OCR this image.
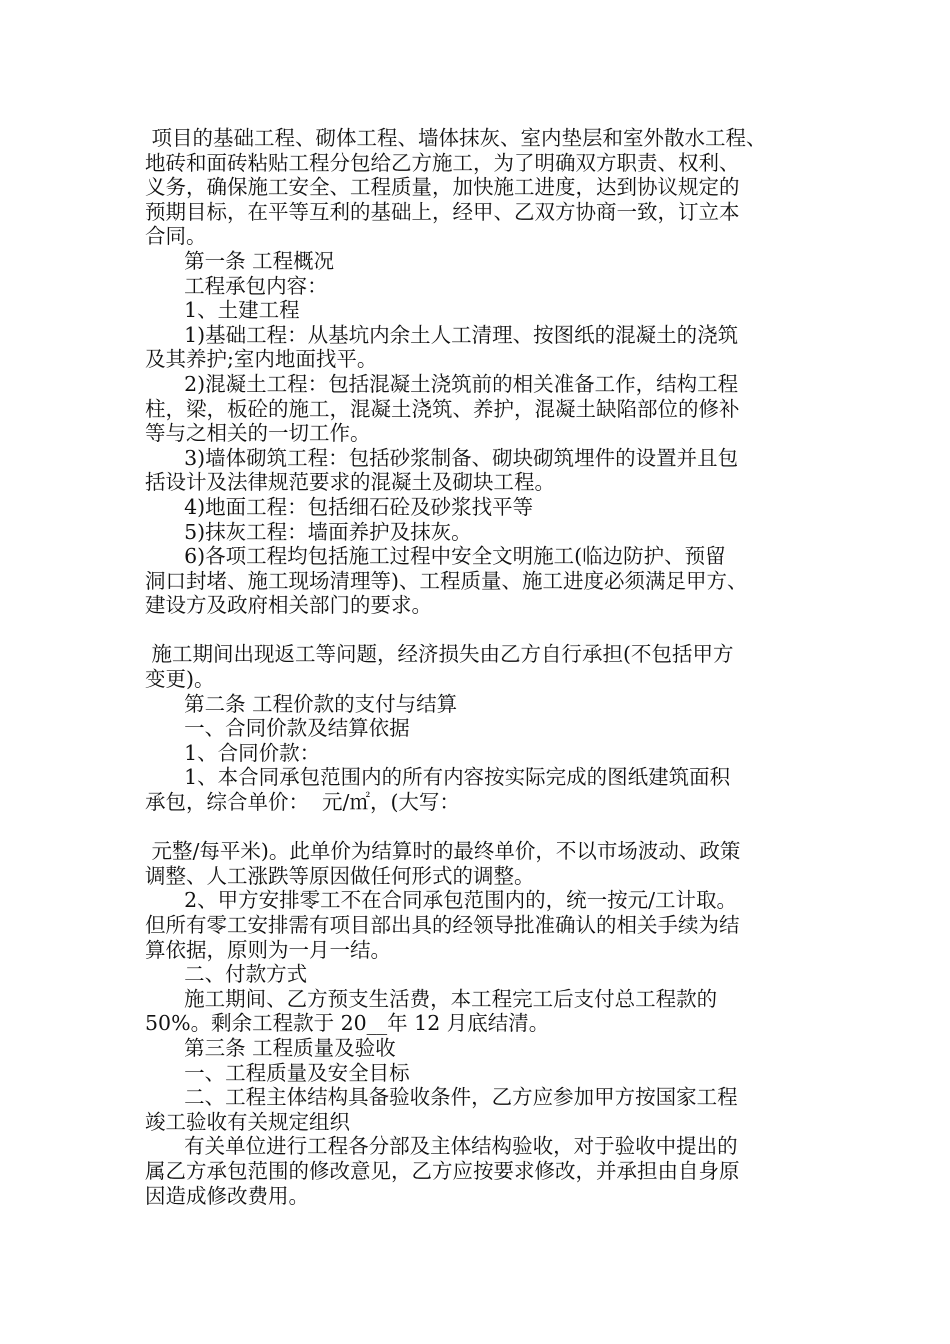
项目的基础工程、砌体工程、墙体抹灰、室内垫层和室外散水工程、
地砖和面砖粘贴工程分包给乙方施工，为了明确双方职责、权利、
义务，确保施工安全、工程质量，加快施工进度，达到协议规定的
预期目标，在平等互利的基础上，经甲、乙双方协商一致，订立本
合同。
第一条 工程概况
工程承包内容：
1、土建工程
1)基础工程：从基坑内余土人工清理、按图纸的混凝土的浇筑
及其养护;室内地面找平。
2)混凝土工程：包括混凝土浇筑前的相关准备工作，结构工程
柱，梁，板砼的施工，混凝土浇筑、养护，混凝土缺陷部位的修补
等与之相关的一切工作。
3)墙体砌筑工程：包括砂浆制备、砌块砌筑埋件的设置并且包
括设计及法律规范要求的混凝土及砌块工程。
4)地面工程：包括细石砼及砂浆找平等
5)抹灰工程：墙面养护及抹灰。
6)各项工程均包括施工过程中安全文明施工(临边防护、预留
洞口封堵、施工现场清理等)、工程质量、施工进度必须满足甲方、
建设方及政府相关部门的要求。
施工期间出现返工等问题，经济损失由乙方自行承担(不包括甲方
变更)。
第二条 工程价款的支付与结算
一、合同价款及结算依据
1、合同价款：
1、本合同承包范围内的所有内容按实际完成的图纸建筑面积
承包，综合单价：  元/㎡，(大写：
元整/每平米)。此单价为结算时的最终单价，不以市场波动、政策
调整、人工涨跌等原因做任何形式的调整。
2、甲方安排零工不在合同承包范围内的，统一按元/工计取。
但所有零工安排需有项目部出具的经领导批准确认的相关手续为结
算依据，原则为一月一结。
二、付款方式
施工期间、乙方预支生活费，本工程完工后支付总工程款的
50%。剩余工程款于 20__年 12 月底结清。
第三条 工程质量及验收
一、工程质量及安全目标
二、工程主体结构具备验收条件，乙方应参加甲方按国家工程
竣工验收有关规定组织
有关单位进行工程各分部及主体结构验收，对于验收中提出的
属乙方承包范围的修改意见，乙方应按要求修改，并承担由自身原
因造成修改费用。
